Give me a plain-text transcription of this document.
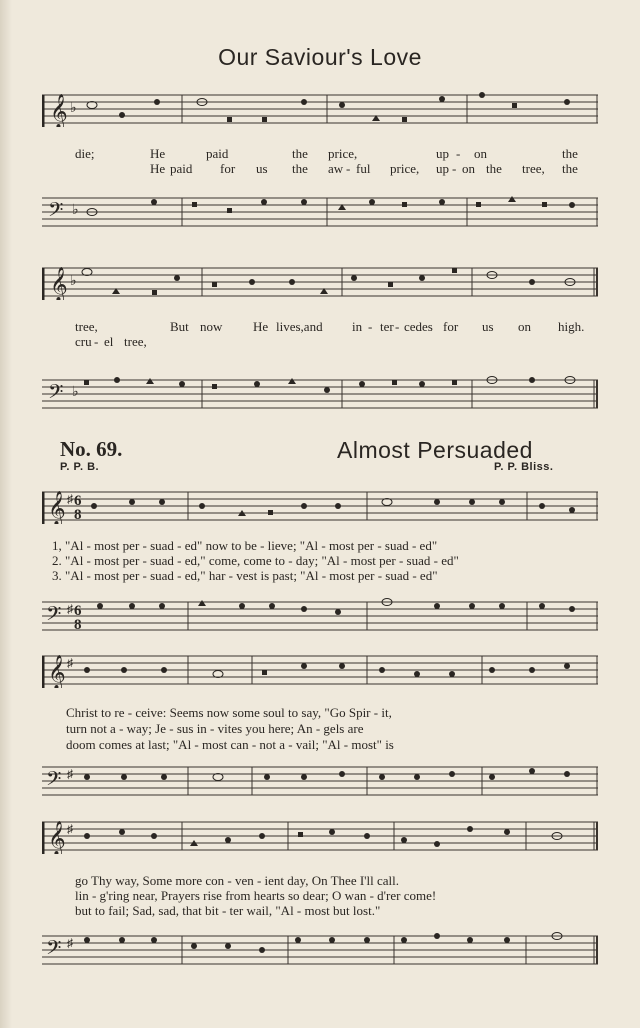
Our Saviour's Love
𝄞 ♭
die;	He	paid	the price,	up - on	the
He paid for us the aw - ful price, up - on the tree, the
𝄢 ♭
𝄞 ♭
tree,	But now He lives,and in - ter - cedes for us on high.
cru - el tree,
𝄢 ♭
No. 69.	Almost Persuaded
P. P. B.	P. P. Bliss.
𝄞 ♯ 6
8
1, "Al - most per - suad - ed" now to be - lieve; "Al - most per - suad - ed"
2. "Al - most per - suad - ed," come, come to - day; "Al - most per - suad - ed"
3. "Al - most per - suad - ed," har - vest is past; "Al - most per - suad - ed"
𝄢 ♯ 6
8
𝄞 ♯
Christ to re - ceive: Seems now some soul to say, "Go Spir - it,
turn not a - way; Je - sus in - vites you here; An - gels are
doom comes at last; "Al - most can - not a - vail; "Al - most" is
𝄢 ♯
𝄞 ♯
go Thy way, Some more con - ven - ient day, On Thee I'll call.
lin - g'ring near, Prayers rise from hearts so dear; O wan - d'rer come!
but to fail; Sad, sad, that bit - ter wail, "Al - most but lost."
𝄢 ♯
